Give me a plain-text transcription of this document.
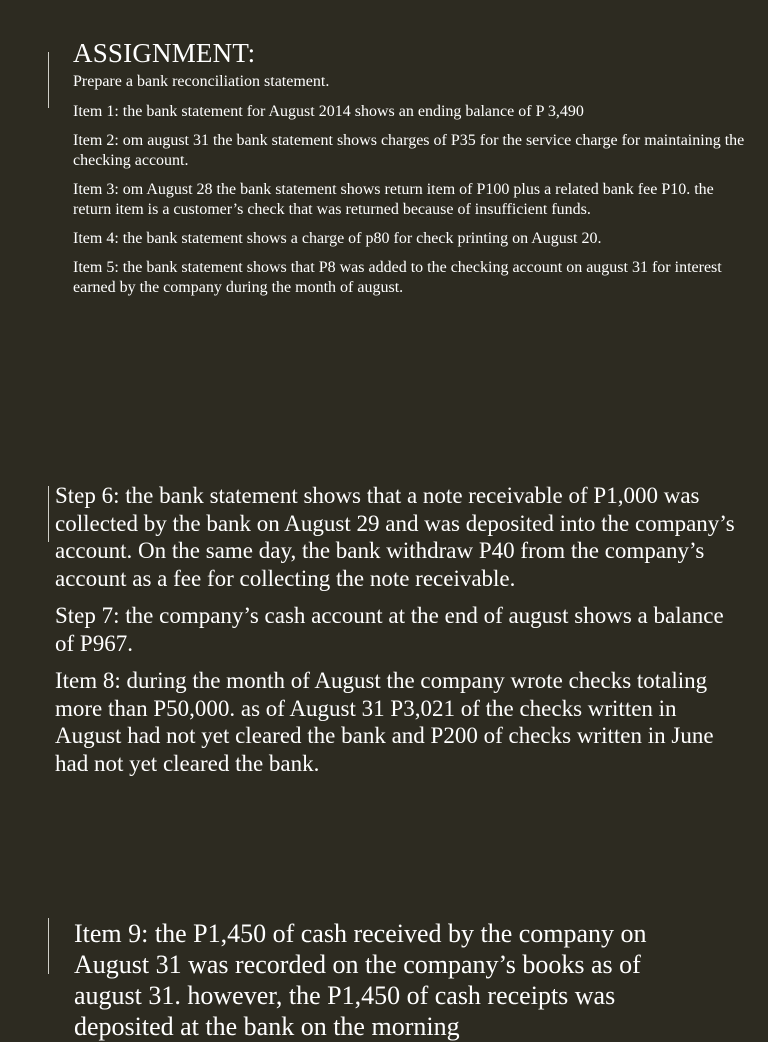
ASSIGNMENT:

Prepare a bank reconciliation statement.

Item 1: the bank statement for August 2014 shows an ending balance of P 3,490

Item 2: om august 31 the bank statement shows charges of P35 for the service charge for maintaining the checking account.

Item 3: om August 28 the bank statement shows return item of P100 plus a related bank fee P10. the return item is a customer’s check that was returned because of insufficient funds.

Item 4: the bank statement shows a charge of p80 for check printing on August 20.

Item 5: the bank statement shows that P8 was added to the checking account on august 31 for interest earned by the company during the month of august.

Step 6: the bank statement shows that a note receivable of P1,000 was collected by the bank on August 29 and was deposited into the company’s account. On the same day, the bank withdraw P40 from the company’s account as a fee for collecting the note receivable.

Step 7: the company’s cash account at the end of august shows a balance of P967.

Item 8: during the month of August the company wrote checks totaling more than P50,000. as of August 31 P3,021 of the checks written in August had not yet cleared the bank and P200 of checks written in June had not yet cleared the bank.

Item 9: the P1,450 of cash received by the company on August 31 was recorded on the company’s books as of august 31. however, the P1,450 of cash receipts was deposited at the bank on the morning
